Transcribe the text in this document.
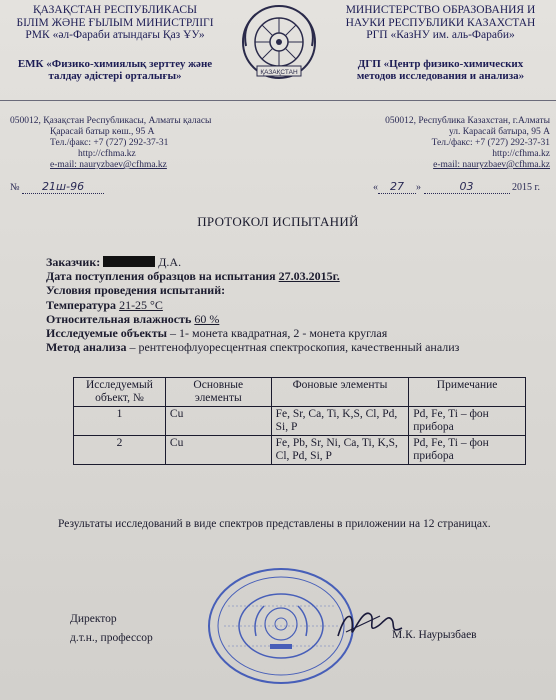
ҚАЗАҚСТАН РЕСПУБЛИКАСЫ
БІЛІМ ЖӘНЕ ҒЫЛЫМ МИНИСТРЛІГІ
РМК «әл-Фараби атындағы Қаз ҰУ»
ЕМК «Физико-химиялық зерттеу және
талдау әдістері орталығы»	ҚАЗАҚСТАН
МИНИСТЕРСТВО ОБРАЗОВАНИЯ И
НАУКИ РЕСПУБЛИКИ КАЗАХСТАН
РГП «КазНУ им. аль-Фараби»
ДГП «Центр физико-химических
методов исследования и анализа»
050012, Қазақстан Республикасы, Алматы қаласы
Қарасай батыр көш., 95 А
Тел./факс: +7 (727) 292-37-31
http://cfhma.kz
e-mail: nauryzbaev@cfhma.kz
050012, Республика Казахстан, г.Алматы
ул. Карасай батыра, 95 А
Тел./факс: +7 (727) 292-37-31
http://cfhma.kz
e-mail: nauryzbaev@cfhma.kz
№ 21ш-96	« 27 »	03	2015 г.
ПРОТОКОЛ ИСПЫТАНИЙ
Заказчик:	Д.А.
Дата поступления образцов на испытания 27.03.2015г.
Условия проведения испытаний:
Температура 21-25 °С
Относительная влажность 60 %
Исследуемые объекты – 1- монета квадратная, 2 - монета круглая
Метод анализа – рентгенофлуоресцентная спектроскопия, качественный анализ
Исследуемый объект, №	Основные элементы	Фоновые элементы	Примечание
1	Cu	Fe, Sr, Ca, Ti, K,S, Cl, Pd, Si, P	Pd, Fe, Ti – фон прибора
2	Cu	Fe, Pb, Sr, Ni, Ca, Ti, K,S, Cl, Pd, Si, P	Pd, Fe, Ti – фон прибора
Результаты исследований в виде спектров представлены в приложении на 12 страницах.
Директор
д.т.н., профессор	М.К. Наурызбаев
